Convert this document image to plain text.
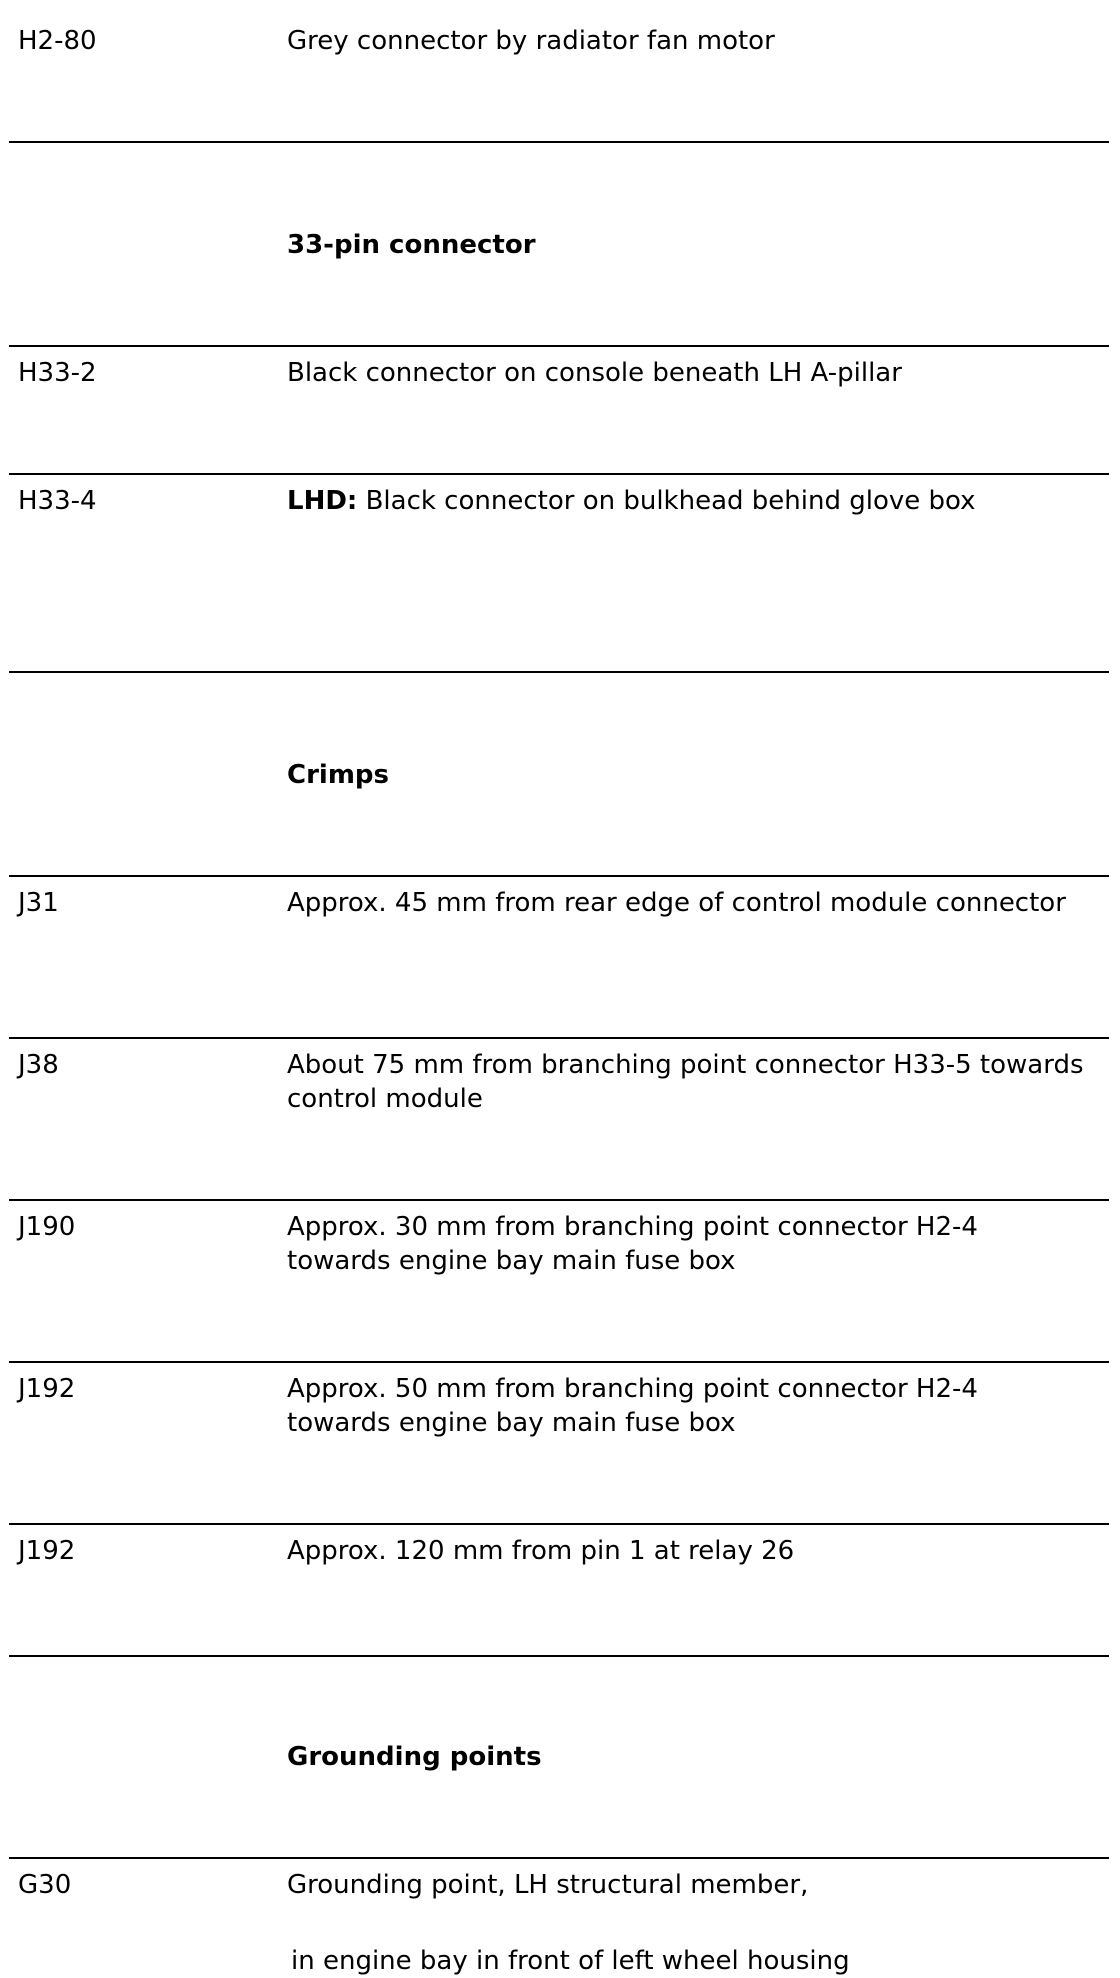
H2-80	Grey connector by radiator fan motor
33-pin connector
H33-2	Black connector on console beneath LH A-pillar
H33-4	LHD: Black connector on bulkhead behind glove box
Crimps
J31	Approx. 45 mm from rear edge of control module connector
J38	About 75 mm from branching point connector H33-5 towards control module
J190	Approx. 30 mm from branching point connector H2-4 towards engine bay main fuse box
J192	Approx. 50 mm from branching point connector H2-4 towards engine bay main fuse box
J192	Approx. 120 mm from pin 1 at relay 26
Grounding points
G30	Grounding point, LH structural member,
in engine bay in front of left wheel housing
